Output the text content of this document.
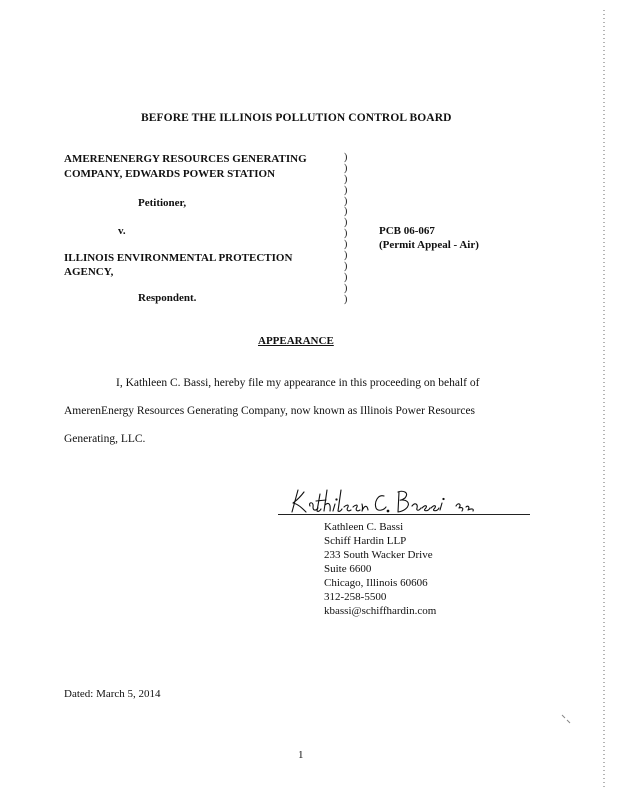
BEFORE THE ILLINOIS POLLUTION CONTROL BOARD
AMERENENERGY RESOURCES GENERATING
COMPANY, EDWARDS POWER STATION
Petitioner,
v.
ILLINOIS ENVIRONMENTAL PROTECTION
AGENCY,
Respondent.
)
)
)
)
)
)
)
)
)
)
)
)
)
)
PCB 06-067
(Permit Appeal - Air)
APPEARANCE
I, Kathleen C. Bassi, hereby file my appearance in this proceeding on behalf of
AmerenEnergy Resources Generating Company, now known as Illinois Power Resources
Generating, LLC.
Kathleen C. Bassi
Schiff Hardin LLP
233 South Wacker Drive
Suite 6600
Chicago, Illinois 60606
312-258-5500
kbassi@schiffhardin.com
Dated: March 5, 2014
1
